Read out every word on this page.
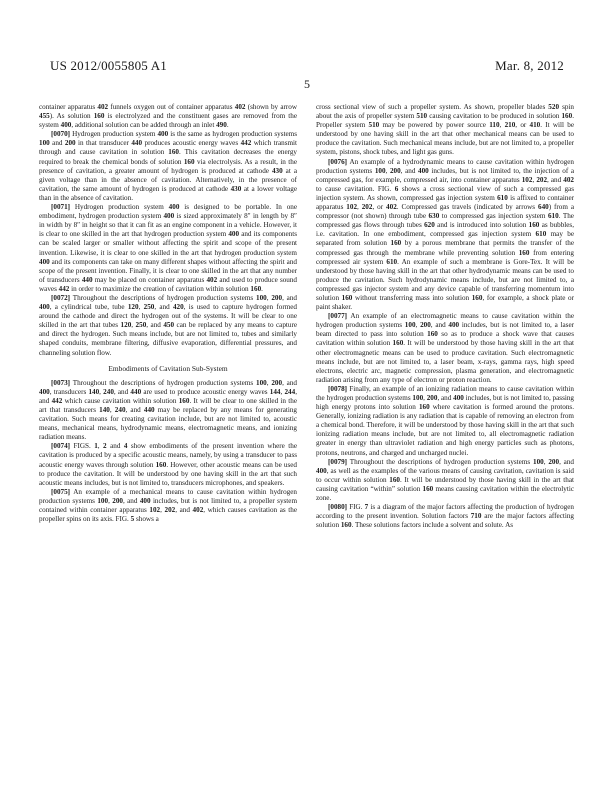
US 2012/0055805 A1	Mar. 8, 2012
5

container apparatus 402 funnels oxygen out of container apparatus 402 (shown by arrow 455). As solution 160 is electrolyzed and the constituent gases are removed from the system 400, additional solution can be added through an inlet 490.

[0070] Hydrogen production system 400 is the same as hydrogen production systems 100 and 200 in that transducer 440 produces acoustic energy waves 442 which transmit through and cause cavitation in solution 160. This cavitation decreases the energy required to break the chemical bonds of solution 160 via electrolysis. As a result, in the presence of cavitation, a greater amount of hydrogen is produced at cathode 430 at a given voltage than in the absence of cavitation. Alternatively, in the presence of cavitation, the same amount of hydrogen is produced at cathode 430 at a lower voltage than in the absence of cavitation.

[0071] Hydrogen production system 400 is designed to be portable. In one embodiment, hydrogen production system 400 is sized approximately 8″ in length by 8″ in width by 8″ in height so that it can fit as an engine component in a vehicle. However, it is clear to one skilled in the art that hydrogen production system 400 and its components can be scaled larger or smaller without affecting the spirit and scope of the present invention. Likewise, it is clear to one skilled in the art that hydrogen production system 400 and its components can take on many different shapes without affecting the spirit and scope of the present invention. Finally, it is clear to one skilled in the art that any number of transducers 440 may be placed on container apparatus 402 and used to produce sound waves 442 in order to maximize the creation of cavitation within solution 160.

[0072] Throughout the descriptions of hydrogen production systems 100, 200, and 400, a cylindrical tube, tube 120, 250, and 420, is used to capture hydrogen formed around the cathode and direct the hydrogen out of the systems. It will be clear to one skilled in the art that tubes 120, 250, and 450 can be replaced by any means to capture and direct the hydrogen. Such means include, but are not limited to, tubes and similarly shaped conduits, membrane filtering, diffusive evaporation, differential pressures, and channeling solution flow.

Embodiments of Cavitation Sub-System

[0073] Throughout the descriptions of hydrogen production systems 100, 200, and 400, transducers 140, 240, and 440 are used to produce acoustic energy waves 144, 244, and 442 which cause cavitation within solution 160. It will be clear to one skilled in the art that transducers 140, 240, and 440 may be replaced by any means for generating cavitation. Such means for creating cavitation include, but are not limited to, acoustic means, mechanical means, hydrodynamic means, electromagnetic means, and ionizing radiation means.

[0074] FIGS. 1, 2 and 4 show embodiments of the present invention where the cavitation is produced by a specific acoustic means, namely, by using a transducer to pass acoustic energy waves through solution 160. However, other acoustic means can be used to produce the cavitation. It will be understood by one having skill in the art that such acoustic means includes, but is not limited to, transducers microphones, and speakers.

[0075] An example of a mechanical means to cause cavitation within hydrogen production systems 100, 200, and 400 includes, but is not limited to, a propeller system contained within container apparatus 102, 202, and 402, which causes cavitation as the propeller spins on its axis. FIG. 5 shows a

cross sectional view of such a propeller system. As shown, propeller blades 520 spin about the axis of propeller system 510 causing cavitation to be produced in solution 160. Propeller system 510 may be powered by power source 110, 210, or 410. It will be understood by one having skill in the art that other mechanical means can be used to produce the cavitation. Such mechanical means include, but are not limited to, a propeller system, pistons, shock tubes, and light gas guns.

[0076] An example of a hydrodynamic means to cause cavitation within hydrogen production systems 100, 200, and 400 includes, but is not limited to, the injection of a compressed gas, for example, compressed air, into container apparatus 102, 202, and 402 to cause cavitation. FIG. 6 shows a cross sectional view of such a compressed gas injection system. As shown, compressed gas injection system 610 is affixed to container apparatus 102, 202, or 402. Compressed gas travels (indicated by arrows 640) from a compressor (not shown) through tube 630 to compressed gas injection system 610. The compressed gas flows through tubes 620 and is introduced into solution 160 as bubbles, i.e. cavitation. In one embodiment, compressed gas injection system 610 may be separated from solution 160 by a porous membrane that permits the transfer of the compressed gas through the membrane while preventing solution 160 from entering compressed air system 610. An example of such a membrane is Gore-Tex. It will be understood by those having skill in the art that other hydrodynamic means can be used to produce the cavitation. Such hydrodynamic means include, but are not limited to, a compressed gas injector system and any device capable of transferring momentum into solution 160 without transferring mass into solution 160, for example, a shock plate or paint shaker.

[0077] An example of an electromagnetic means to cause cavitation within the hydrogen production systems 100, 200, and 400 includes, but is not limited to, a laser beam directed to pass into solution 160 so as to produce a shock wave that causes cavitation within solution 160. It will be understood by those having skill in the art that other electromagnetic means can be used to produce cavitation. Such electromagnetic means include, but are not limited to, a laser beam, x-rays, gamma rays, high speed electrons, electric arc, magnetic compression, plasma generation, and electromagnetic radiation arising from any type of electron or proton reaction.

[0078] Finally, an example of an ionizing radiation means to cause cavitation within the hydrogen production systems 100, 200, and 400 includes, but is not limited to, passing high energy protons into solution 160 where cavitation is formed around the protons. Generally, ionizing radiation is any radiation that is capable of removing an electron from a chemical bond. Therefore, it will be understood by those having skill in the art that such ionizing radiation means include, but are not limited to, all electromagnetic radiation greater in energy than ultraviolet radiation and high energy particles such as photons, protons, neutrons, and charged and uncharged nuclei.

[0079] Throughout the descriptions of hydrogen production systems 100, 200, and 400, as well as the examples of the various means of causing cavitation, cavitation is said to occur within solution 160. It will be understood by those having skill in the art that causing cavitation “within” solution 160 means causing cavitation within the electrolytic zone.

[0080] FIG. 7 is a diagram of the major factors affecting the production of hydrogen according to the present invention. Solution factors 710 are the major factors affecting solution 160. These solutions factors include a solvent and solute. As
